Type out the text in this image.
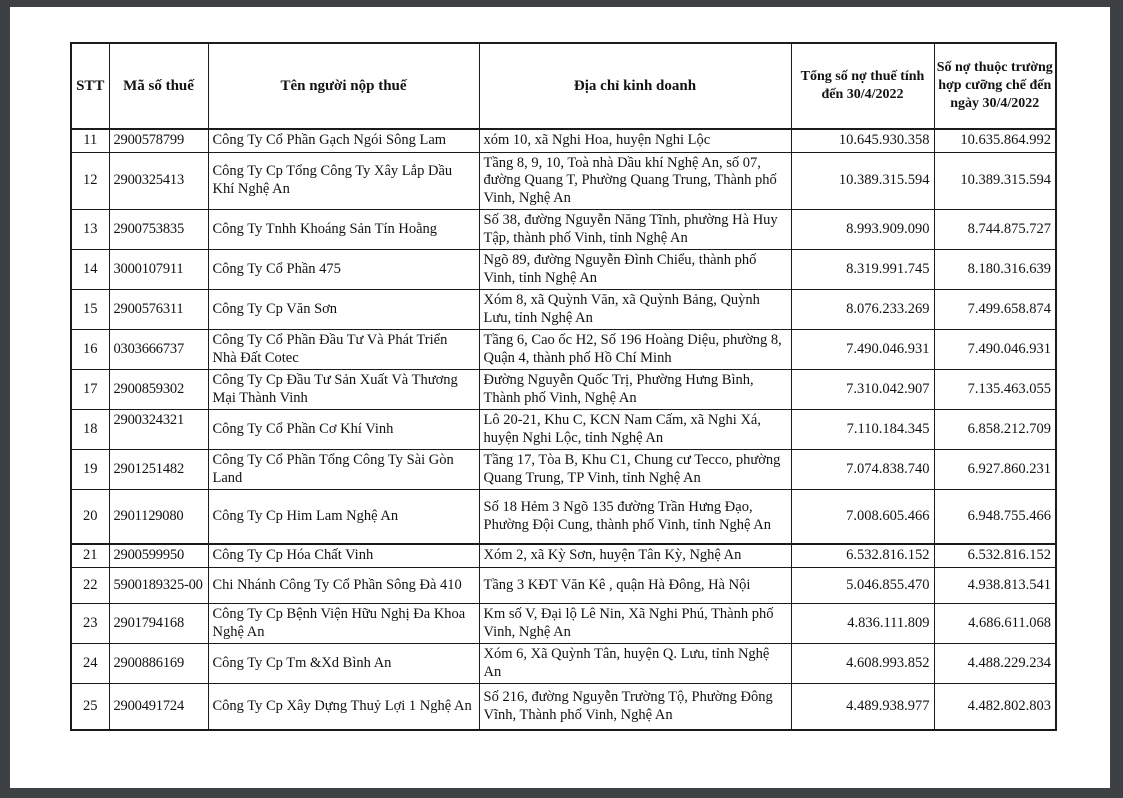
STT	Mã số thuế	Tên người nộp thuế	Địa chỉ kinh doanh	Tổng số nợ thuế tính đến 30/4/2022	Số nợ thuộc trường hợp cưỡng chế đến ngày 30/4/2022
11	2900578799	Công Ty Cổ Phần Gạch Ngói Sông Lam	xóm 10, xã Nghi Hoa, huyện Nghi Lộc	10.645.930.358	10.635.864.992
12	2900325413	Công Ty Cp Tổng Công Ty Xây Lắp Dầu Khí Nghệ An	Tầng 8, 9, 10, Toà nhà Dầu khí Nghệ An, số 07, đường Quang T, Phường Quang Trung, Thành phố Vinh, Nghệ An	10.389.315.594	10.389.315.594
13	2900753835	Công Ty Tnhh Khoáng Sản Tín Hoằng	Số 38, đường Nguyễn Năng Tĩnh, phường Hà Huy Tập, thành phố Vinh, tỉnh Nghệ An	8.993.909.090	8.744.875.727
14	3000107911	Công Ty Cổ Phần 475	Ngõ 89, đường Nguyễn Đình Chiểu, thành phố Vinh, tỉnh Nghệ An	8.319.991.745	8.180.316.639
15	2900576311	Công Ty Cp Văn Sơn	Xóm 8, xã Quỳnh Văn, xã Quỳnh Bảng, Quỳnh Lưu, tỉnh Nghệ An	8.076.233.269	7.499.658.874
16	0303666737	Công Ty Cổ Phần Đầu Tư Và Phát Triển Nhà Đất Cotec	Tầng 6, Cao ốc H2, Số 196 Hoàng Diệu, phường 8, Quận 4, thành phố Hồ Chí Minh	7.490.046.931	7.490.046.931
17	2900859302	Công Ty Cp Đầu Tư Sản Xuất Và Thương Mại Thành Vinh	Đường Nguyễn Quốc Trị, Phường Hưng Bình, Thành phố Vinh, Nghệ An	7.310.042.907	7.135.463.055
18	2900324321	Công Ty Cổ Phần Cơ Khí Vinh	Lô 20-21, Khu C, KCN Nam Cấm, xã Nghi Xá, huyện Nghi Lộc, tỉnh Nghệ An	7.110.184.345	6.858.212.709
19	2901251482	Công Ty Cổ Phần Tổng Công Ty Sài Gòn Land	Tầng 17, Tòa B, Khu C1, Chung cư Tecco, phường Quang Trung, TP Vinh, tỉnh Nghệ An	7.074.838.740	6.927.860.231
20	2901129080	Công Ty Cp Him Lam Nghệ An	Số 18 Hẻm 3 Ngõ 135 đường Trần Hưng Đạo, Phường Đội Cung, thành phố Vinh, tỉnh Nghệ An	7.008.605.466	6.948.755.466
21	2900599950	Công Ty Cp Hóa Chất Vinh	Xóm 2, xã Kỳ Sơn, huyện Tân Kỳ, Nghệ An	6.532.816.152	6.532.816.152
22	5900189325-00	Chi Nhánh Công Ty Cổ Phần Sông Đà 410	Tầng 3 KĐT Văn Kê , quận Hà Đông, Hà Nội	5.046.855.470	4.938.813.541
23	2901794168	Công Ty Cp Bệnh Viện Hữu Nghị Đa Khoa Nghệ An	Km số V, Đại lộ Lê Nin, Xã Nghi Phú, Thành phố Vinh, Nghệ An	4.836.111.809	4.686.611.068
24	2900886169	Công Ty Cp Tm &Xd Bình An	Xóm 6, Xã Quỳnh Tân, huyện Q. Lưu, tỉnh Nghệ An	4.608.993.852	4.488.229.234
25	2900491724	Công Ty Cp Xây Dựng Thuỷ Lợi 1 Nghệ An	Số 216, đường Nguyễn Trường Tộ, Phường Đông Vĩnh, Thành phố Vinh, Nghệ An	4.489.938.977	4.482.802.803
